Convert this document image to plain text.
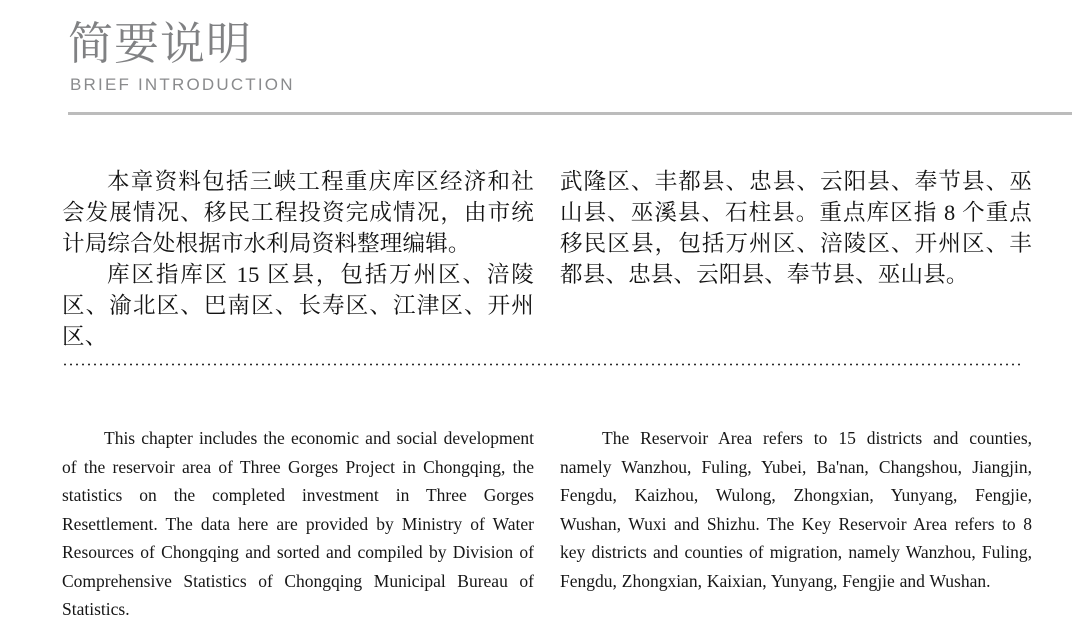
简要说明
BRIEF INTRODUCTION

本章资料包括三峡工程重庆库区经济和社会发展情况、移民工程投资完成情况，由市统计局综合处根据市水利局资料整理编辑。

库区指库区 15 区县，包括万州区、涪陵区、渝北区、巴南区、长寿区、江津区、开州区、

武隆区、丰都县、忠县、云阳县、奉节县、巫山县、巫溪县、石柱县。重点库区指 8 个重点移民区县，包括万州区、涪陵区、开州区、丰都县、忠县、云阳县、奉节县、巫山县。

This chapter includes the economic and social development of the reservoir area of Three Gorges Project in Chongqing, the statistics on the completed investment in Three Gorges Resettlement. The data here are provided by Ministry of Water Resources of Chongqing and sorted and compiled by Division of Comprehensive Statistics of Chongqing Municipal Bureau of Statistics.

The Reservoir Area refers to 15 districts and counties, namely Wanzhou, Fuling, Yubei, Ba'nan, Changshou, Jiangjin, Fengdu, Kaizhou, Wulong, Zhongxian, Yunyang, Fengjie, Wushan, Wuxi and Shizhu. The Key Reservoir Area refers to 8 key districts and counties of migration, namely Wanzhou, Fuling, Fengdu, Zhongxian, Kaixian, Yunyang, Fengjie and Wushan.
